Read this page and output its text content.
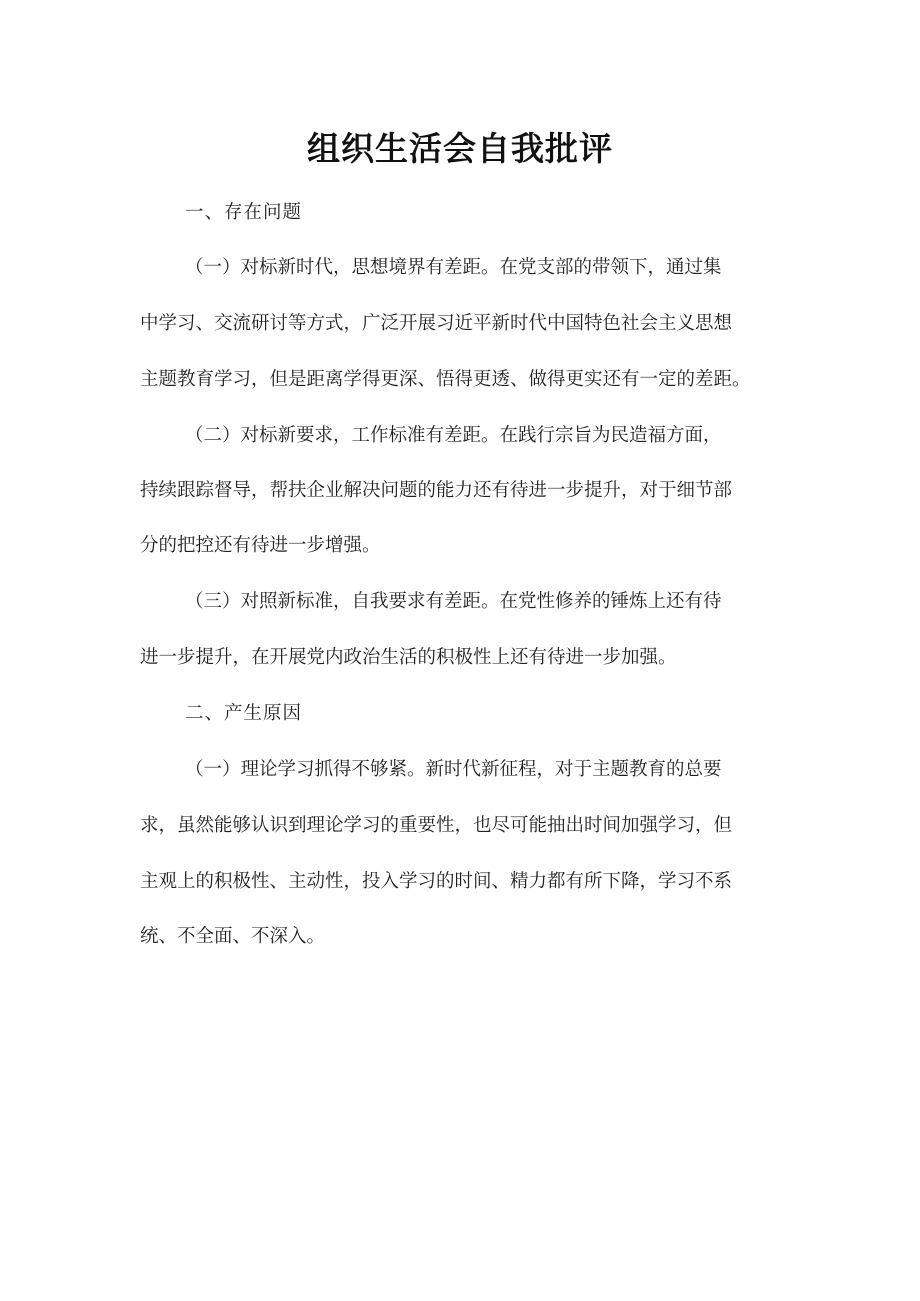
组织生活会自我批评
一、存在问题
（一）对标新时代，思想境界有差距。在党支部的带领下，通过集
中学习、交流研讨等方式，广泛开展习近平新时代中国特色社会主义思想
主题教育学习，但是距离学得更深、悟得更透、做得更实还有一定的差距。
（二）对标新要求，工作标准有差距。在践行宗旨为民造福方面，
持续跟踪督导，帮扶企业解决问题的能力还有待进一步提升，对于细节部
分的把控还有待进一步增强。
（三）对照新标准，自我要求有差距。在党性修养的锤炼上还有待
进一步提升，在开展党内政治生活的积极性上还有待进一步加强。
二、产生原因
（一）理论学习抓得不够紧。新时代新征程，对于主题教育的总要
求，虽然能够认识到理论学习的重要性，也尽可能抽出时间加强学习，但
主观上的积极性、主动性，投入学习的时间、精力都有所下降，学习不系
统、不全面、不深入。
